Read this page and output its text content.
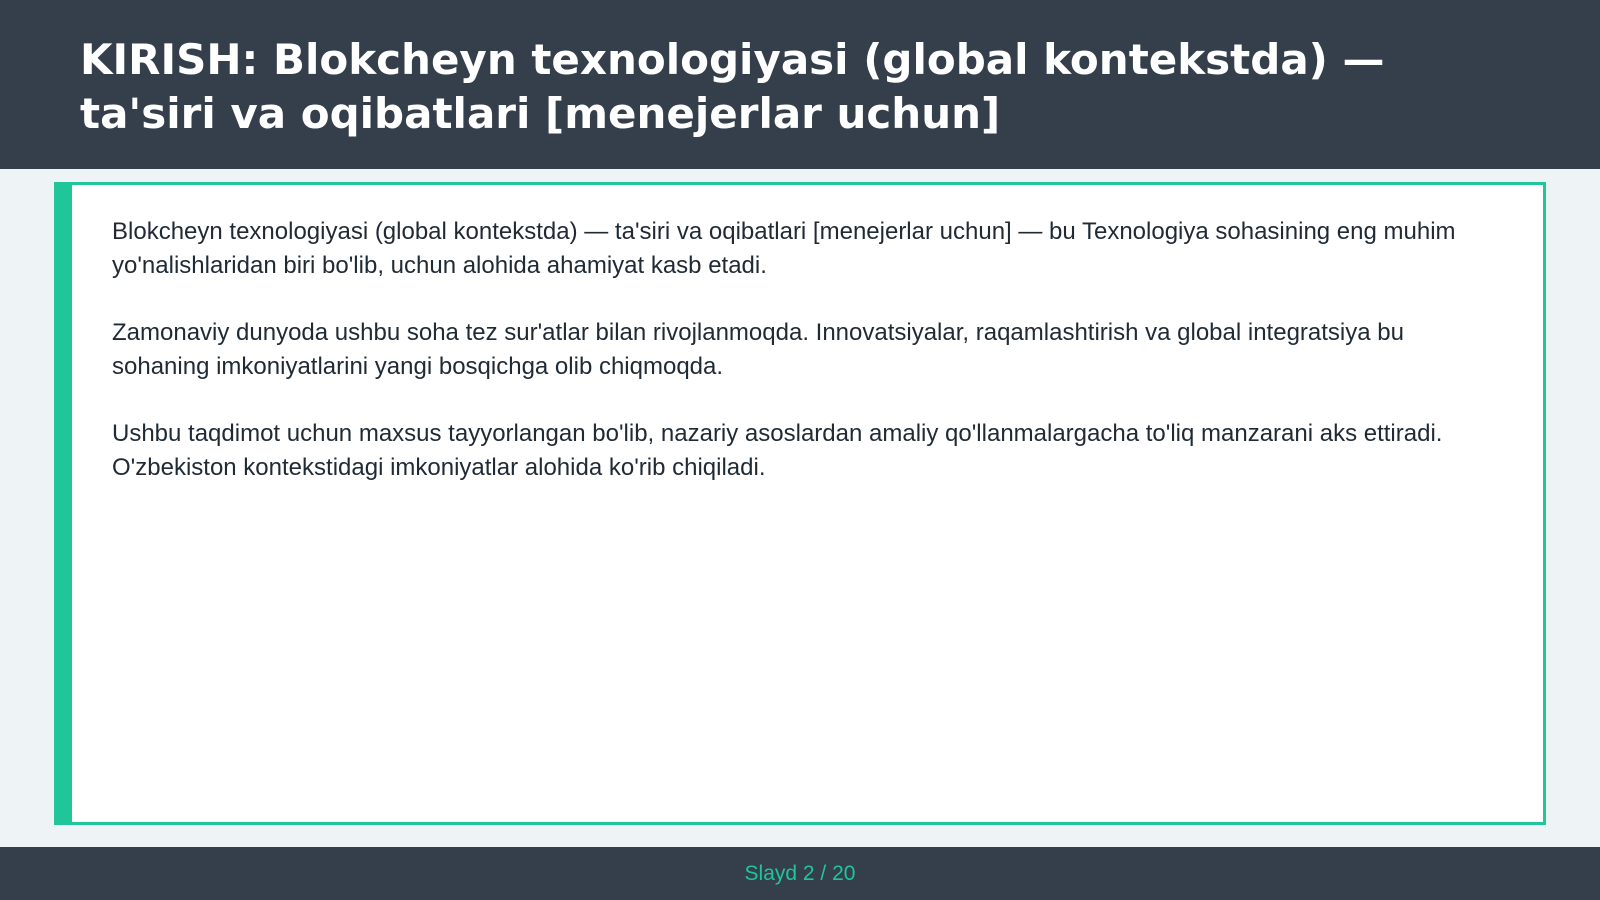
KIRISH: Blokcheyn texnologiyasi (global kontekstda) — ta'siri va oqibatlari [menejerlar uchun]

Blokcheyn texnologiyasi (global kontekstda) — ta'siri va oqibatlari [menejerlar uchun] — bu Texnologiya sohasining eng muhim yo'nalishlaridan biri bo'lib, uchun alohida ahamiyat kasb etadi.

Zamonaviy dunyoda ushbu soha tez sur'atlar bilan rivojlanmoqda. Innovatsiyalar, raqamlashtirish va global integratsiya bu sohaning imkoniyatlarini yangi bosqichga olib chiqmoqda.

Ushbu taqdimot uchun maxsus tayyorlangan bo'lib, nazariy asoslardan amaliy qo'llanmalargacha to'liq manzarani aks ettiradi. O'zbekiston kontekstidagi imkoniyatlar alohida ko'rib chiqiladi.

Slayd 2 / 20
